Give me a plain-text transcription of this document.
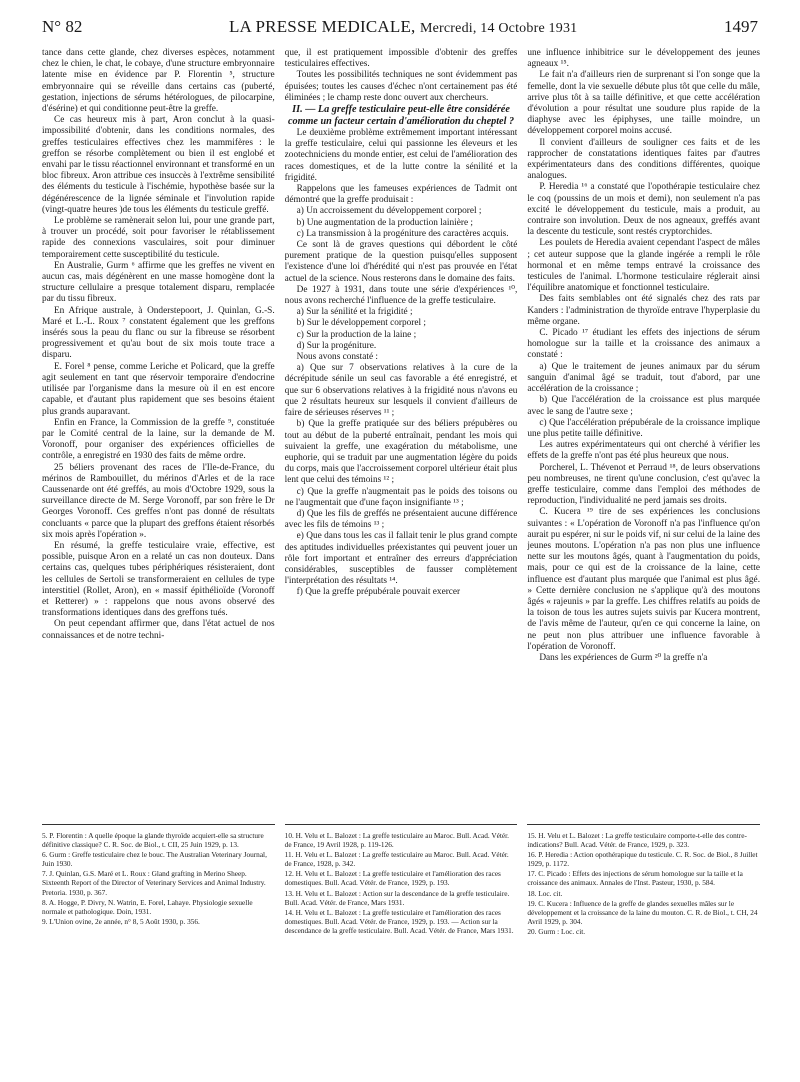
N° 82	LA PRESSE MEDICALE, Mercredi, 14 Octobre 1931	1497

tance dans cette glande, chez diverses espèces, notamment chez le chien, le chat, le cobaye, d'une structure embryonnaire latente mise en évidence par P. Florentin ⁵, structure embryonnaire qui se réveille dans certains cas (puberté, gestation, injections de sérums hétérologues, de pilocarpine, d'ésérine) et qui conditionne peut-être la greffe.

Ce cas heureux mis à part, Aron conclut à la quasi-impossibilité d'obtenir, dans les conditions normales, des greffes testiculaires effectives chez les mammifères : le greffon se résorbe complètement ou bien il est englobé et envahi par le tissu réactionnel environnant et transformé en un bloc fibreux. Aron attribue ces insuccès à l'extrême sensibilité des éléments du testicule à l'ischémie, hypothèse basée sur la dégénérescence de la lignée séminale et l'involution rapide (vingt-quatre heures )de tous les éléments du testicule greffé.

Le problème se ramènerait selon lui, pour une grande part, à trouver un procédé, soit pour favoriser le rétablissement rapide des connexions vasculaires, soit pour diminuer temporairement cette susceptibilité du testicule.

En Australie, Gurm ⁶ affirme que les greffes ne vivent en aucun cas, mais dégénèrent en une masse homogène dont la structure cellulaire a presque totalement disparu, remplacée par du tissu fibreux.

En Afrique australe, à Onderstepoort, J. Quinlan, G.-S. Maré et L.-L. Roux ⁷ constatent également que les greffons insérés sous la peau du flanc ou sur la fibreuse se résorbent progressivement et qu'au bout de six mois toute trace a disparu.

E. Forel ⁸ pense, comme Leriche et Policard, que la greffe agit seulement en tant que réservoir temporaire d'endocrine utilisée par l'organisme dans la mesure où il en est encore capable, et d'autant plus rapidement que ses besoins étaient plus grands auparavant.

Enfin en France, la Commission de la greffe ⁹, constituée par le Comité central de la laine, sur la demande de M. Voronoff, pour organiser des expériences officielles de contrôle, a enregistré en 1930 des faits de même ordre.

25 béliers provenant des races de l'Ile-de-France, du mérinos de Rambouillet, du mérinos d'Arles et de la race Caussenarde ont été greffés, au mois d'Octobre 1929, sous la surveillance directe de M. Serge Voronoff, par son frère le Dr Georges Voronoff. Ces greffes n'ont pas donné de résultats concluants « parce que la plupart des greffons étaient résorbés six mois après l'opération ».

En résumé, la greffe testiculaire vraie, effective, est possible, puisque Aron en a relaté un cas non douteux. Dans certains cas, quelques tubes périphériques résisteraient, dont les cellules de Sertoli se transformeraient en cellules de type interstitiel (Rollet, Aron), en « massif épithélioïde (Voronoff et Retterer) » : rappelons que nous avons observé des transformations identiques dans des greffons tués.

On peut cependant affirmer que, dans l'état actuel de nos connaissances et de notre techni-

que, il est pratiquement impossible d'obtenir des greffes testiculaires effectives.

Toutes les possibilités techniques ne sont évidemment pas épuisées; toutes les causes d'échec n'ont certainement pas été éliminées ; le champ reste donc ouvert aux chercheurs.

II. — La greffe testiculaire peut-elle être considérée comme un facteur certain d'amélioration du cheptel ?

Le deuxième problème extrêmement important intéressant la greffe testiculaire, celui qui passionne les éleveurs et les zootechniciens du monde entier, est celui de l'amélioration des races domestiques, et de la lutte contre la sénilité et la frigidité.

Rappelons que les fameuses expériences de Tadmit ont démontré que la greffe produisait :

a) Un accroissement du développement corporel ;

b) Une augmentation de la production lainière ;

c) La transmission à la progéniture des caractères acquis.

Ce sont là de graves questions qui débordent le côté purement pratique de la question puisqu'elles supposent l'existence d'une loi d'hérédité qui n'est pas prouvée en l'état actuel de la science. Nous resterons dans le domaine des faits.

De 1927 à 1931, dans toute une série d'expériences ¹⁰, nous avons recherché l'influence de la greffe testiculaire.

a) Sur la sénilité et la frigidité ;

b) Sur le développement corporel ;

c) Sur la production de la laine ;

d) Sur la progéniture.

Nous avons constaté :

a) Que sur 7 observations relatives à la cure de la décrépitude sénile un seul cas favorable a été enregistré, et que sur 6 observations relatives à la frigidité nous n'avons eu que 2 résultats heureux sur lesquels il convient d'ailleurs de faire de sérieuses réserves ¹¹ ;

b) Que la greffe pratiquée sur des béliers prépubères ou tout au début de la puberté entraînait, pendant les mois qui suivaient la greffe, une exagération du métabolisme, une euphorie, qui se traduit par une augmentation légère du poids du corps, mais que l'accroissement corporel ultérieur était plus lent que celui des témoins ¹² ;

c) Que la greffe n'augmentait pas le poids des toisons ou ne l'augmentait que d'une façon insignifiante ¹³ ;

d) Que les fils de greffés ne présentaient aucune différence avec les fils de témoins ¹³ ;

e) Que dans tous les cas il fallait tenir le plus grand compte des aptitudes individuelles préexistantes qui peuvent jouer un rôle fort important et entraîner des erreurs d'appréciation considérables, susceptibles de fausser complètement l'interprétation des résultats ¹⁴.

f) Que la greffe prépubérale pouvait exercer

une influence inhibitrice sur le développement des jeunes agneaux ¹⁵.

Le fait n'a d'ailleurs rien de surprenant si l'on songe que la femelle, dont la vie sexuelle débute plus tôt que celle du mâle, arrive plus tôt à sa taille définitive, et que cette accélération d'évolution a pour résultat une soudure plus rapide de la diaphyse avec les épiphyses, une taille moindre, un développement corporel moins accusé.

Il convient d'ailleurs de souligner ces faits et de les rapprocher de constatations identiques faites par d'autres expérimentateurs dans des conditions différentes, quoique analogues.

P. Heredia ¹⁶ a constaté que l'opothérapie testiculaire chez le coq (poussins de un mois et demi), non seulement n'a pas excité le développement du testicule, mais a produit, au contraire son involution. Deux de nos agneaux, greffés avant la descente du testicule, sont restés cryptorchides.

Les poulets de Heredia avaient cependant l'aspect de mâles ; cet auteur suppose que la glande ingérée a rempli le rôle hormonal et en même temps entravé la croissance des testicules de l'animal. L'hormone testiculaire réglerait ainsi l'équilibre anatomique et fonctionnel testiculaire.

Des faits semblables ont été signalés chez des rats par Kanders : l'administration de thyroïde entrave l'hyperplasie du même organe.

C. Picado ¹⁷ étudiant les effets des injections de sérum homologue sur la taille et la croissance des animaux a constaté :

a) Que le traitement de jeunes animaux par du sérum sanguin d'animal âgé se traduit, tout d'abord, par une accélération de la croissance ;

b) Que l'accélération de la croissance est plus marquée avec le sang de l'autre sexe ;

c) Que l'accélération prépubérale de la croissance implique une plus petite taille définitive.

Les autres expérimentateurs qui ont cherché à vérifier les effets de la greffe n'ont pas été plus heureux que nous.

Porcherel, L. Thévenot et Perraud ¹⁸, de leurs observations peu nombreuses, ne tirent qu'une conclusion, c'est qu'avec la greffe testiculaire, comme dans l'emploi des méthodes de reproduction, l'individualité ne perd jamais ses droits.

C. Kucera ¹⁹ tire de ses expériences les conclusions suivantes : « L'opération de Voronoff n'a pas l'influence qu'on aurait pu espérer, ni sur le poids vif, ni sur celui de la laine des jeunes moutons. L'opération n'a pas non plus une influence nette sur les moutons âgés, quant à l'augmentation du poids, mais, pour ce qui est de la croissance de la laine, cette influence est d'autant plus marquée que l'animal est plus âgé. » Cette dernière conclusion ne s'applique qu'à des moutons âgés « rajeunis » par la greffe. Les chiffres relatifs au poids de la toison de tous les autres sujets suivis par Kucera montrent, de l'avis même de l'auteur, qu'en ce qui concerne la laine, on ne peut non plus attribuer une influence favorable à l'opération de Voronoff.

Dans les expériences de Gurm ²⁰ la greffe n'a

5. P. Florentin : A quelle époque la glande thyroïde acquiert-elle sa structure définitive classique? C. R. Soc. de Biol., t. CII, 25 Juin 1929, p. 13.
6. Gurm : Greffe testiculaire chez le bouc. The Australian Veterinary Journal, Juin 1930.
7. J. Quinlan, G.S. Maré et L. Roux : Gland grafting in Merino Sheep. Sixteenth Report of the Director of Veterinary Services and Animal Industry. Pretoria. 1930, p. 367.
8. A. Hogge, P. Divry, N. Watrin, E. Forel, Lahaye. Physiologie sexuelle normale et pathologique. Doin, 1931.
9. L'Union ovine, 2e année, n° 8, 5 Août 1930, p. 356.
10. H. Velu et L. Balozet : La greffe testiculaire au Maroc. Bull. Acad. Vétér. de France, 19 Avril 1928, p. 119-126.
11. H. Velu et L. Balozet : La greffe testiculaire au Maroc. Bull. Acad. Vétér. de France, 1928, p. 342.
12. H. Velu et L. Balozet : La greffe testiculaire et l'amélioration des races domestiques. Bull. Acad. Vétér. de France, 1929, p. 193.
13. H. Velu et L. Balozet : Action sur la descendance de la greffe testiculaire. Bull. Acad. Vétér. de France, Mars 1931.
14. H. Velu et L. Balozet : La greffe testiculaire et l'amélioration des races domestiques. Bull. Acad. Vétér. de France, 1929, p. 193. — Action sur la descendance de la greffe testiculaire. Bull. Acad. Vétér. de France, Mars 1931.
15. H. Velu et L. Balozet : La greffe testiculaire comporte-t-elle des contre-indications? Bull. Acad. Vétér. de France, 1929, p. 323.
16. P. Heredia : Action opothérapique du testicule. C. R. Soc. de Biol., 8 Juillet 1929, p. 1172.
17. C. Picado : Effets des injections de sérum homologue sur la taille et la croissance des animaux. Annales de l'Inst. Pasteur, 1930, p. 584.
18. Loc. cit.
19. C. Kucera : Influence de la greffe de glandes sexuelles mâles sur le développement et la croissance de la laine du mouton. C. R. de Biol., t. CH, 24 Avril 1929, p. 304.
20. Gurm : Loc. cit.
